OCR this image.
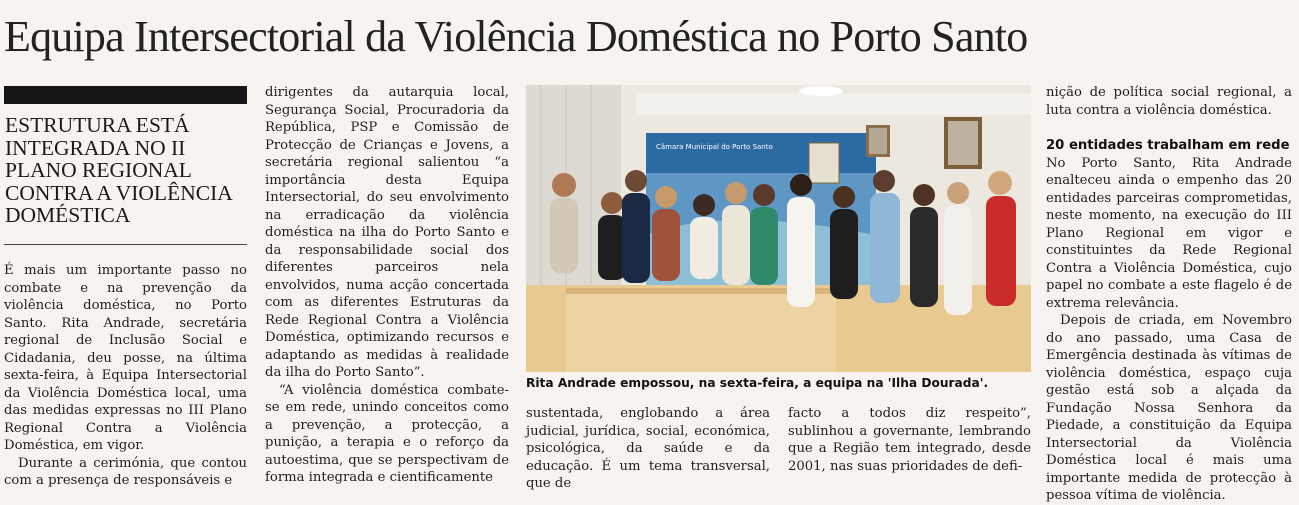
Equipa Intersectorial da Violência Doméstica no Porto Santo
ESTRUTURA ESTÁ INTEGRADA NO II PLANO REGIONAL CONTRA A VIOLÊNCIA DOMÉSTICA

É mais um importante passo no combate e na prevenção da violência doméstica, no Porto Santo. Rita Andrade, secretária regional de Inclusão Social e Cidadania, deu posse, na última sexta-feira, à Equipa Intersectorial da Violência Doméstica local, uma das medidas expressas no III Plano Regional Contra a Violência Doméstica, em vigor.

Durante a cerimónia, que contou com a presença de responsáveis e

dirigentes da autarquia local, Segurança Social, Procuradoria da República, PSP e Comissão de Protecção de Crianças e Jovens, a secretária regional salientou “a importância desta Equipa Intersectorial, do seu envolvimento na erradicação da violência doméstica na ilha do Porto Santo e da responsabilidade social dos diferentes parceiros nela envolvidos, numa acção concertada com as diferentes Estruturas da Rede Regional Contra a Violência Doméstica, optimizando recursos e adaptando as medidas à realidade da ilha do Porto Santo”.

“A violência doméstica combate-se em rede, unindo conceitos como a prevenção, a protecção, a punição, a terapia e o reforço da autoestima, que se perspectivam de forma integrada e cientificamente

Câmara Municipal do Porto Santo

Rita Andrade empossou, na sexta-feira, a equipa na 'Ilha Dourada'.

sustentada, englobando a área judicial, jurídica, social, económica, psicológica, da saúde e da educação. É um tema transversal, que de

facto a todos diz respeito”, sublinhou a governante, lembrando que a Região tem integrado, desde 2001, nas suas prioridades de defi-

nição de política social regional, a luta contra a violência doméstica.

20 entidades trabalham em rede

No Porto Santo, Rita Andrade enalteceu ainda o empenho das 20 entidades parceiras comprometidas, neste momento, na execução do III Plano Regional em vigor e constituintes da Rede Regional Contra a Violência Doméstica, cujo papel no combate a este flagelo é de extrema relevância.

Depois de criada, em Novembro do ano passado, uma Casa de Emergência destinada às vítimas de violência doméstica, espaço cuja gestão está sob a alçada da Fundação Nossa Senhora da Piedade, a constituição da Equipa Intersectorial da Violência Doméstica local é mais uma importante medida de protecção à pessoa vítima de violência.
